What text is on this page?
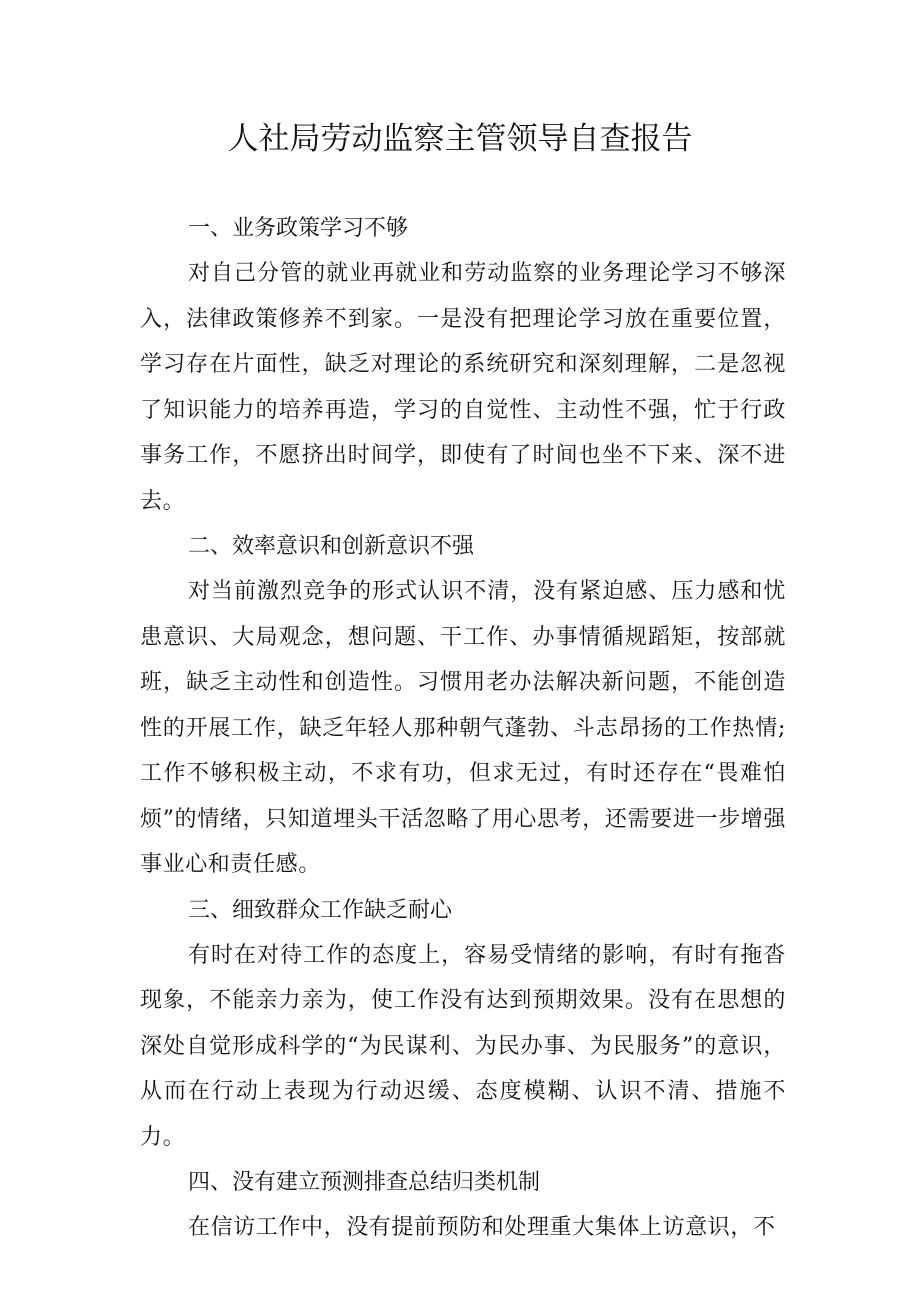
人社局劳动监察主管领导自查报告
一、业务政策学习不够

对自己分管的就业再就业和劳动监察的业务理论学习不够深入，法律政策修养不到家。一是没有把理论学习放在重要位置，学习存在片面性，缺乏对理论的系统研究和深刻理解，二是忽视了知识能力的培养再造，学习的自觉性、主动性不强，忙于行政事务工作，不愿挤出时间学，即使有了时间也坐不下来、深不进去。

二、效率意识和创新意识不强

对当前激烈竞争的形式认识不清，没有紧迫感、压力感和忧患意识、大局观念，想问题、干工作、办事情循规蹈矩，按部就班，缺乏主动性和创造性。习惯用老办法解决新问题，不能创造性的开展工作，缺乏年轻人那种朝气蓬勃、斗志昂扬的工作热情;工作不够积极主动，不求有功，但求无过，有时还存在“畏难怕烦”的情绪，只知道埋头干活忽略了用心思考，还需要进一步增强事业心和责任感。

三、细致群众工作缺乏耐心

有时在对待工作的态度上，容易受情绪的影响，有时有拖沓现象，不能亲力亲为，使工作没有达到预期效果。没有在思想的深处自觉形成科学的“为民谋利、为民办事、为民服务”的意识，从而在行动上表现为行动迟缓、态度模糊、认识不清、措施不力。

四、没有建立预测排查总结归类机制

在信访工作中，没有提前预防和处理重大集体上访意识，不
